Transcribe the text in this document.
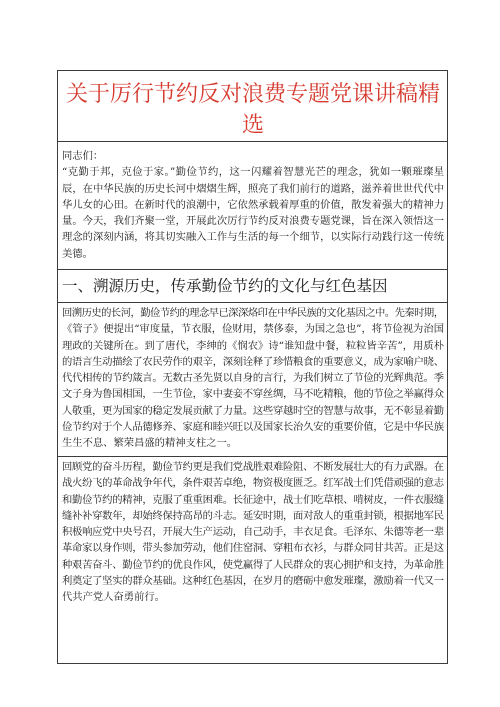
关于厉行节约反对浪费专题党课讲稿精选
同志们：
“克勤于邦，克俭于家。”勤俭节约，这一闪耀着智慧光芒的理念，犹如一颗璀璨星
辰，在中华民族的历史长河中熠熠生辉，照亮了我们前行的道路，滋养着世世代代中
华儿女的心田。在新时代的浪潮中，它依然承载着厚重的价值，散发着强大的精神力
量。今天，我们齐聚一堂，开展此次厉行节约反对浪费专题党课，旨在深入领悟这一
理念的深刻内涵，将其切实融入工作与生活的每一个细节，以实际行动践行这一传统
美德。
一、溯源历史，传承勤俭节约的文化与红色基因
回溯历史的长河，勤俭节约的理念早已深深烙印在中华民族的文化基因之中。先秦时期，
《管子》便提出“审度量，节衣服，俭财用，禁侈泰，为国之急也”，将节俭视为治国
理政的关键所在。到了唐代，李绅的《悯农》诗“谁知盘中餐，粒粒皆辛苦”，用质朴
的语言生动描绘了农民劳作的艰辛，深刻诠释了珍惜粮食的重要意义，成为家喻户晓、
代代相传的节约箴言。无数古圣先贤以自身的言行，为我们树立了节俭的光辉典范。季
文子身为鲁国相国，一生节俭，家中妻妾不穿丝绸，马不吃精粮，他的节俭之举赢得众
人敬重，更为国家的稳定发展贡献了力量。这些穿越时空的智慧与故事，无不彰显着勤
俭节约对于个人品德修养、家庭和睦兴旺以及国家长治久安的重要价值，它是中华民族
生生不息、繁荣昌盛的精神支柱之一。
回顾党的奋斗历程，勤俭节约更是我们党战胜艰难险阻、不断发展壮大的有力武器。在
战火纷飞的革命战争年代，条件艰苦卓绝，物资极度匮乏。红军战士们凭借顽强的意志
和勤俭节约的精神，克服了重重困难。长征途中，战士们吃草根、啃树皮，一件衣服缝
缝补补穿数年，却始终保持高昂的斗志。延安时期，面对敌人的重重封锁，根据地军民
积极响应党中央号召，开展大生产运动，自己动手，丰衣足食。毛泽东、朱德等老一辈
革命家以身作则，带头参加劳动，他们住窑洞、穿粗布衣衫，与群众同甘共苦。正是这
种艰苦奋斗、勤俭节约的优良作风，使党赢得了人民群众的衷心拥护和支持，为革命胜
利奠定了坚实的群众基础。这种红色基因，在岁月的磨砺中愈发璀璨，激励着一代又一
代共产党人奋勇前行。
